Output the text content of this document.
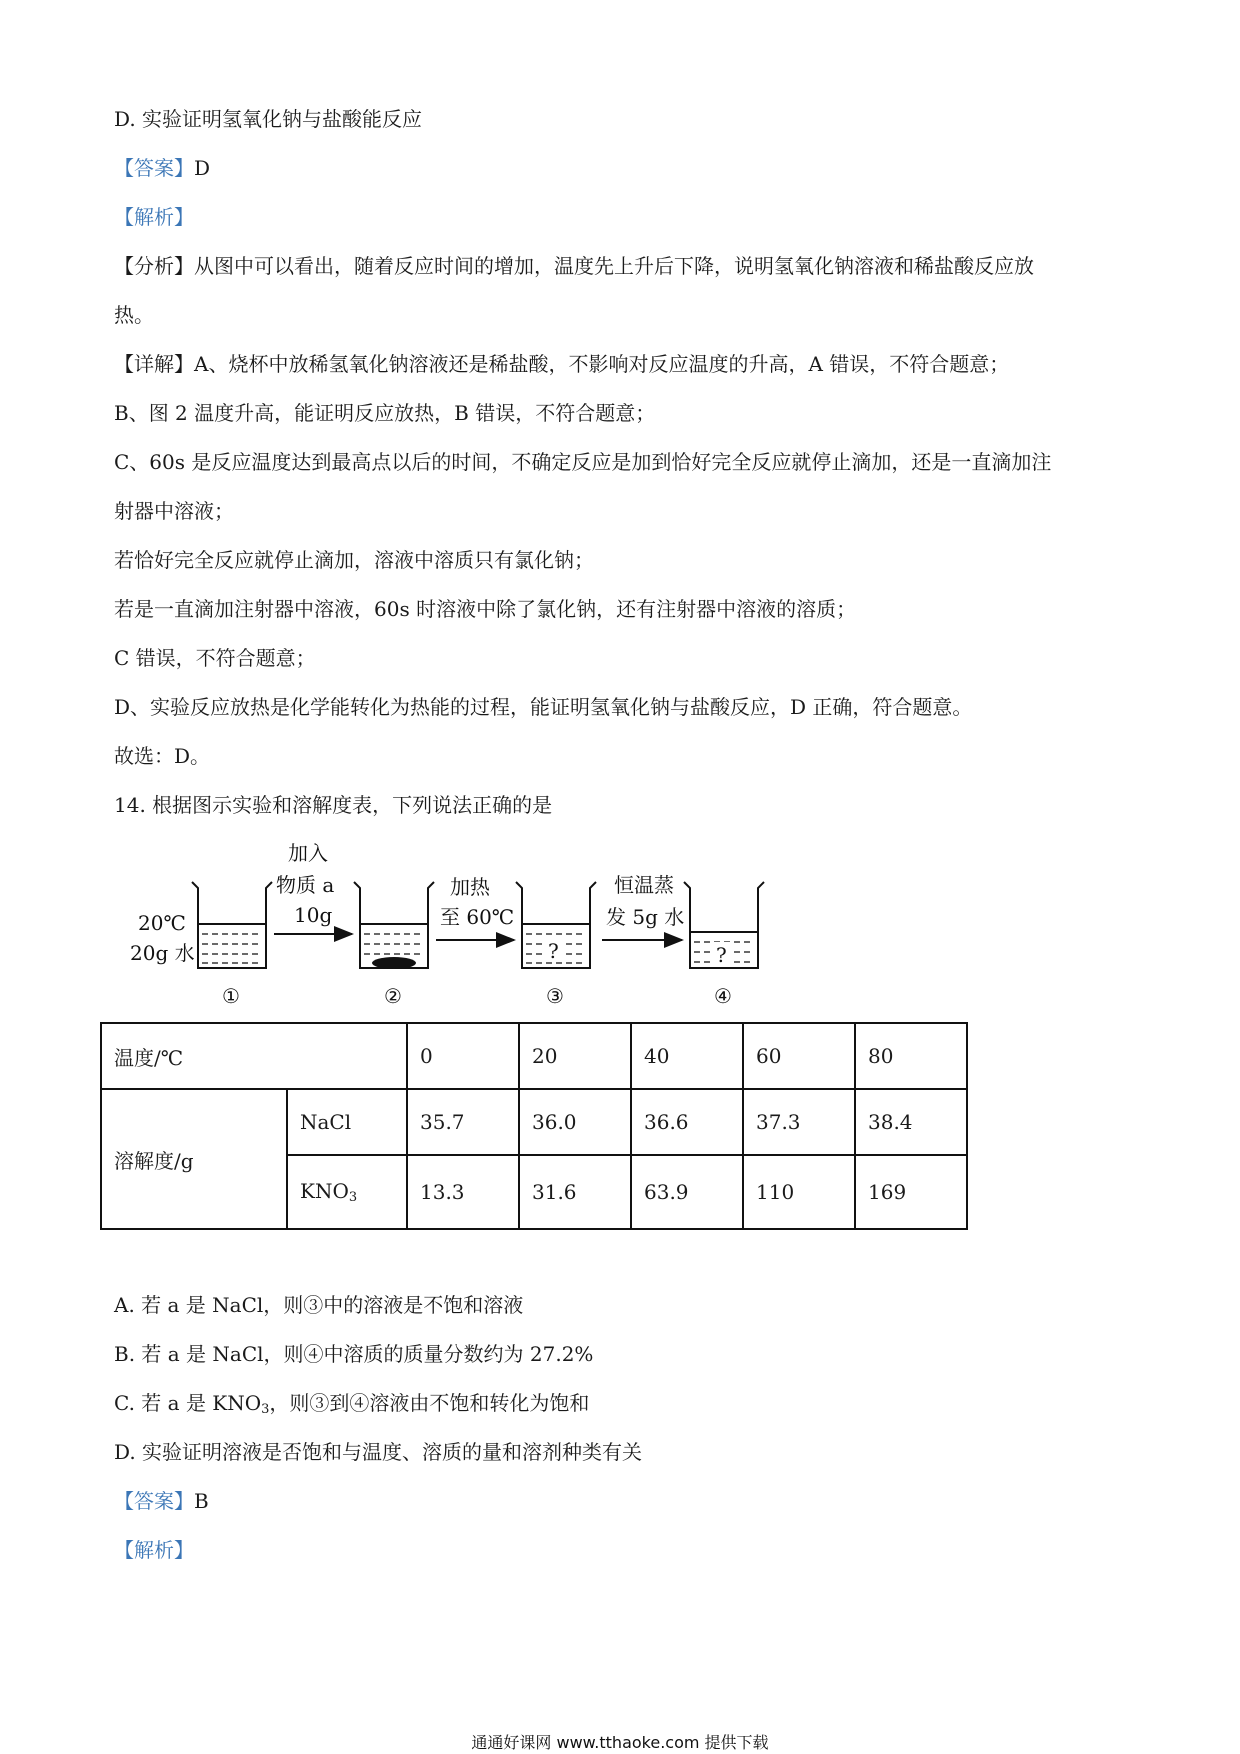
D. 实验证明氢氧化钠与盐酸能反应
【答案】D
【解析】
【分析】从图中可以看出，随着反应时间的增加，温度先上升后下降，说明氢氧化钠溶液和稀盐酸反应放
热。
【详解】A、烧杯中放稀氢氧化钠溶液还是稀盐酸，不影响对反应温度的升高，A 错误，不符合题意；
B、图 2 温度升高，能证明反应放热，B 错误，不符合题意；
C、60s 是反应温度达到最高点以后的时间，不确定反应是加到恰好完全反应就停止滴加，还是一直滴加注
射器中溶液；
若恰好完全反应就停止滴加，溶液中溶质只有氯化钠；
若是一直滴加注射器中溶液，60s 时溶液中除了氯化钠，还有注射器中溶液的溶质；
C 错误，不符合题意；
D、实验反应放热是化学能转化为热能的过程，能证明氢氧化钠与盐酸反应，D 正确，符合题意。
故选：D。
14. 根据图示实验和溶解度表，下列说法正确的是
20℃
20g 水
①
加入
物质 a
10g
②
加热
至 60℃
?
③
恒温蒸
发 5g 水
?
④
温度/℃		0	20	40	60	80
溶解度/g	NaCl	35.7	36.0	36.6	37.3	38.4
	$KNO_3$	13.3	31.6	63.9	110	169
A. 若 a 是 NaCl，则③中的溶液是不饱和溶液
B. 若 a 是 NaCl，则④中溶质的质量分数约为 27.2%
C. 若 a 是 $KNO_3$，则③到④溶液由不饱和转化为饱和
D. 实验证明溶液是否饱和与温度、溶质的量和溶剂种类有关
【答案】B
【解析】
通通好课网 www.tthaoke.com 提供下载
